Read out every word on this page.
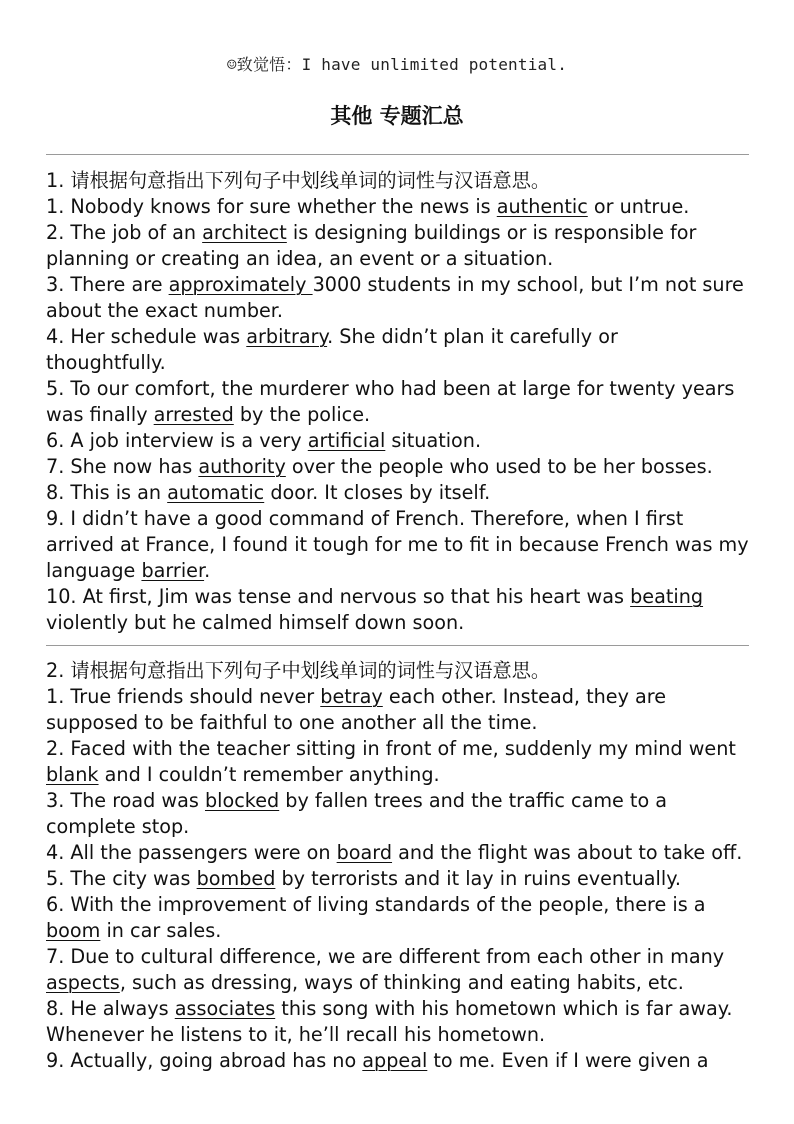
☺致觉悟：I have unlimited potential.
其他 专题汇总
1. 请根据句意指出下列句子中划线单词的词性与汉语意思。
1. Nobody knows for sure whether the news is authentic or untrue.
2. The job of an architect is designing buildings or is responsible for
planning or creating an idea, an event or a situation.
3. There are approximately 3000 students in my school, but I’m not sure
about the exact number.
4. Her schedule was arbitrary. She didn’t plan it carefully or
thoughtfully.
5. To our comfort, the murderer who had been at large for twenty years
was finally arrested by the police.
6. A job interview is a very artificial situation.
7. She now has authority over the people who used to be her bosses.
8. This is an automatic door. It closes by itself.
9. I didn’t have a good command of French. Therefore, when I first
arrived at France, I found it tough for me to fit in because French was my
language barrier.
10. At first, Jim was tense and nervous so that his heart was beating
violently but he calmed himself down soon.
2. 请根据句意指出下列句子中划线单词的词性与汉语意思。
1. True friends should never betray each other. Instead, they are
supposed to be faithful to one another all the time.
2. Faced with the teacher sitting in front of me, suddenly my mind went
blank and I couldn’t remember anything.
3. The road was blocked by fallen trees and the traffic came to a
complete stop.
4. All the passengers were on board and the flight was about to take off.
5. The city was bombed by terrorists and it lay in ruins eventually.
6. With the improvement of living standards of the people, there is a
boom in car sales.
7. Due to cultural difference, we are different from each other in many
aspects, such as dressing, ways of thinking and eating habits, etc.
8. He always associates this song with his hometown which is far away.
Whenever he listens to it, he’ll recall his hometown.
9. Actually, going abroad has no appeal to me. Even if I were given a
